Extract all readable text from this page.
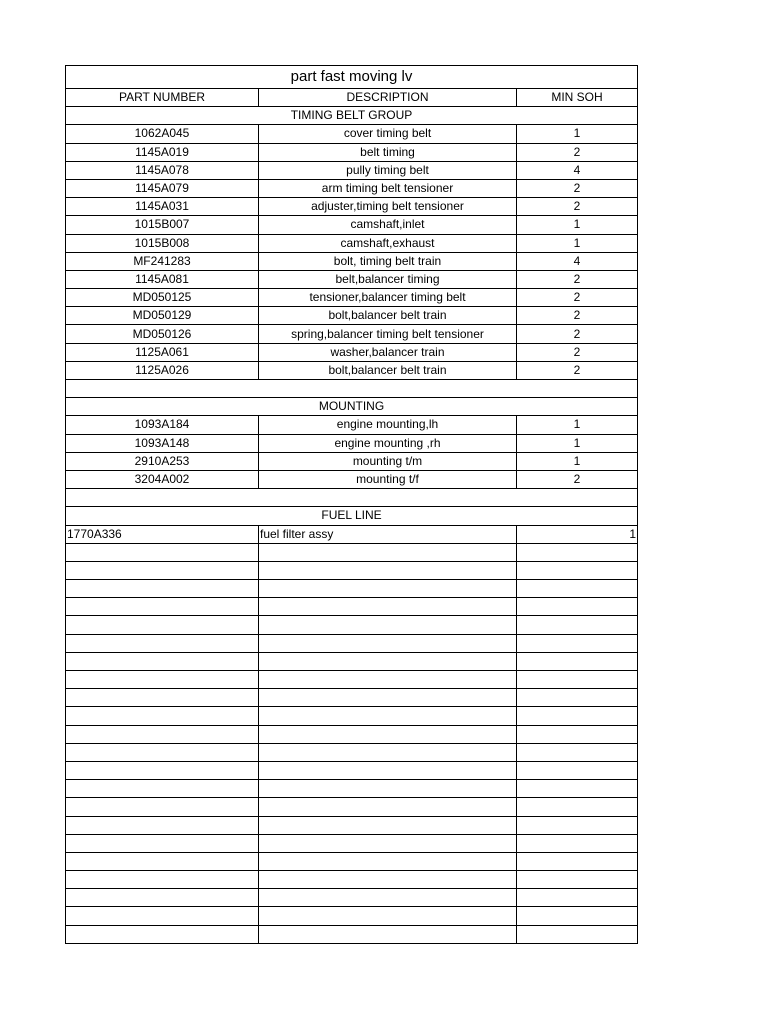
part fast moving lv		
PART NUMBER	DESCRIPTION	MIN SOH
TIMING BELT GROUP		
1062A045	cover timing belt	1
1145A019	belt timing	2
1145A078	pully timing belt	4
1145A079	arm timing belt tensioner	2
1145A031	adjuster,timing belt tensioner	2
1015B007	camshaft,inlet	1
1015B008	camshaft,exhaust	1
MF241283	bolt, timing belt train	4
1145A081	belt,balancer timing	2
MD050125	tensioner,balancer timing belt	2
MD050129	bolt,balancer belt train	2
MD050126	spring,balancer timing belt tensioner	2
1125A061	washer,balancer train	2
1125A026	bolt,balancer belt train	2

MOUNTING		
1093A184	engine mounting,lh	1
1093A148	engine mounting ,rh	1
2910A253	mounting t/m	1
3204A002	mounting t/f	2

FUEL LINE		
1770A336	fuel filter assy	1
